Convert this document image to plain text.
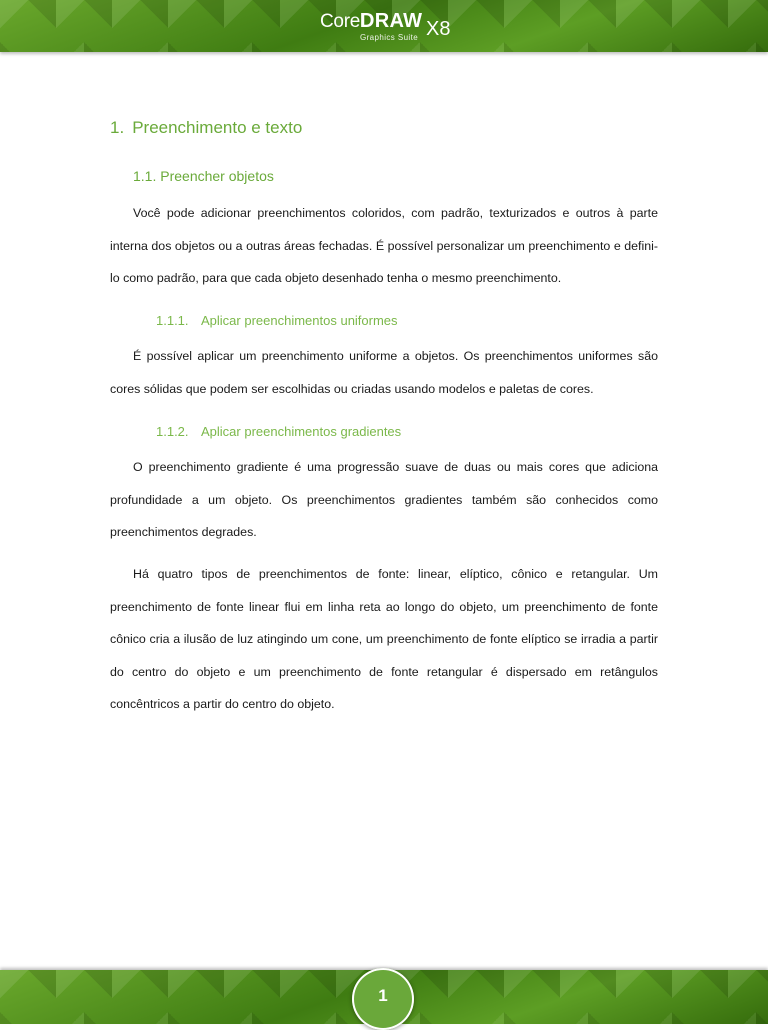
Corel
DRAW X8
Graphics Suite
1. Preenchimento e texto
1.1. Preencher objetos

Você pode adicionar preenchimentos coloridos, com padrão, texturizados e outros à parte interna dos objetos ou a outras áreas fechadas. É possível personalizar um preenchimento e defini-lo como padrão, para que cada objeto desenhado tenha o mesmo preenchimento.

1.1.1. Aplicar preenchimentos uniformes

É possível aplicar um preenchimento uniforme a objetos. Os preenchimentos uniformes são cores sólidas que podem ser escolhidas ou criadas usando modelos e paletas de cores.

1.1.2. Aplicar preenchimentos gradientes

O preenchimento gradiente é uma progressão suave de duas ou mais cores que adiciona profundidade a um objeto. Os preenchimentos gradientes também são conhecidos como preenchimentos degrades.

Há quatro tipos de preenchimentos de fonte: linear, elíptico, cônico e retangular. Um preenchimento de fonte linear flui em linha reta ao longo do objeto, um preenchimento de fonte cônico cria a ilusão de luz atingindo um cone, um preenchimento de fonte elíptico se irradia a partir do centro do objeto e um preenchimento de fonte retangular é dispersado em retângulos concêntricos a partir do centro do objeto.

1
